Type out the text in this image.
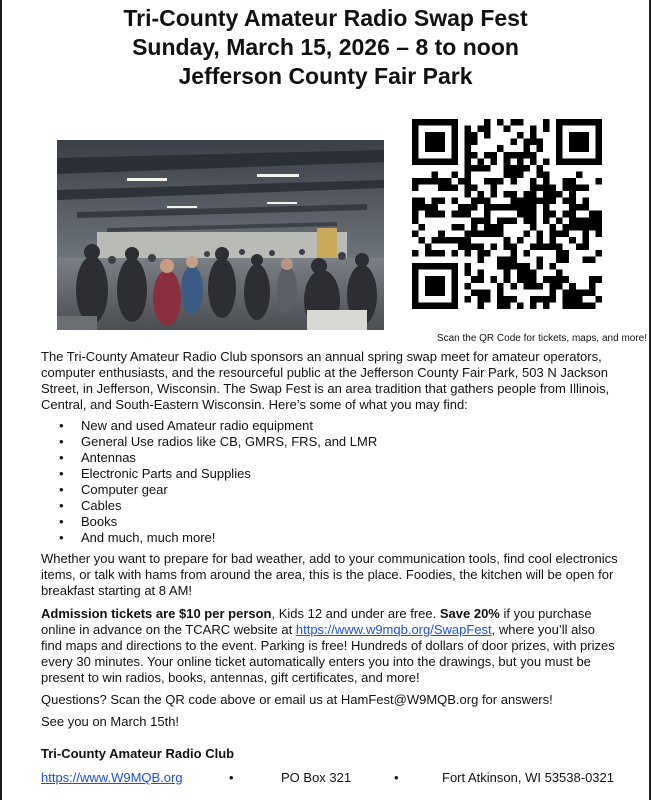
Tri-County Amateur Radio Swap Fest
Sunday, March 15, 2026 – 8 to noon
Jefferson County Fair Park
Scan the QR Code for tickets, maps, and more!

The Tri-County Amateur Radio Club sponsors an annual spring swap meet for amateur operators, computer enthusiasts, and the resourceful public at the Jefferson County Fair Park, 503 N Jackson Street, in Jefferson, Wisconsin. The Swap Fest is an area tradition that gathers people from Illinois, Central, and South-Eastern Wisconsin. Here’s some of what you may find:

• New and used Amateur radio equipment
• General Use radios like CB, GMRS, FRS, and LMR
• Antennas
• Electronic Parts and Supplies
• Computer gear
• Cables
• Books
• And much, much more!

Whether you want to prepare for bad weather, add to your communication tools, find cool electronics items, or talk with hams from around the area, this is the place. Foodies, the kitchen will be open for breakfast starting at 8 AM!

Admission tickets are $10 per person, Kids 12 and under are free. Save 20% if you purchase online in advance on the TCARC website at https://www.w9mqb.org/SwapFest, where you’ll also find maps and directions to the event. Parking is free! Hundreds of dollars of door prizes, with prizes every 30 minutes. Your online ticket automatically enters you into the drawings, but you must be present to win radios, books, antennas, gift certificates, and more!

Questions? Scan the QR code above or email us at HamFest@W9MQB.org for answers!

See you on March 15th!

Tri-County Amateur Radio Club
https://www.W9MQB.org	•	PO Box 321	•	Fort Atkinson, WI 53538-0321
